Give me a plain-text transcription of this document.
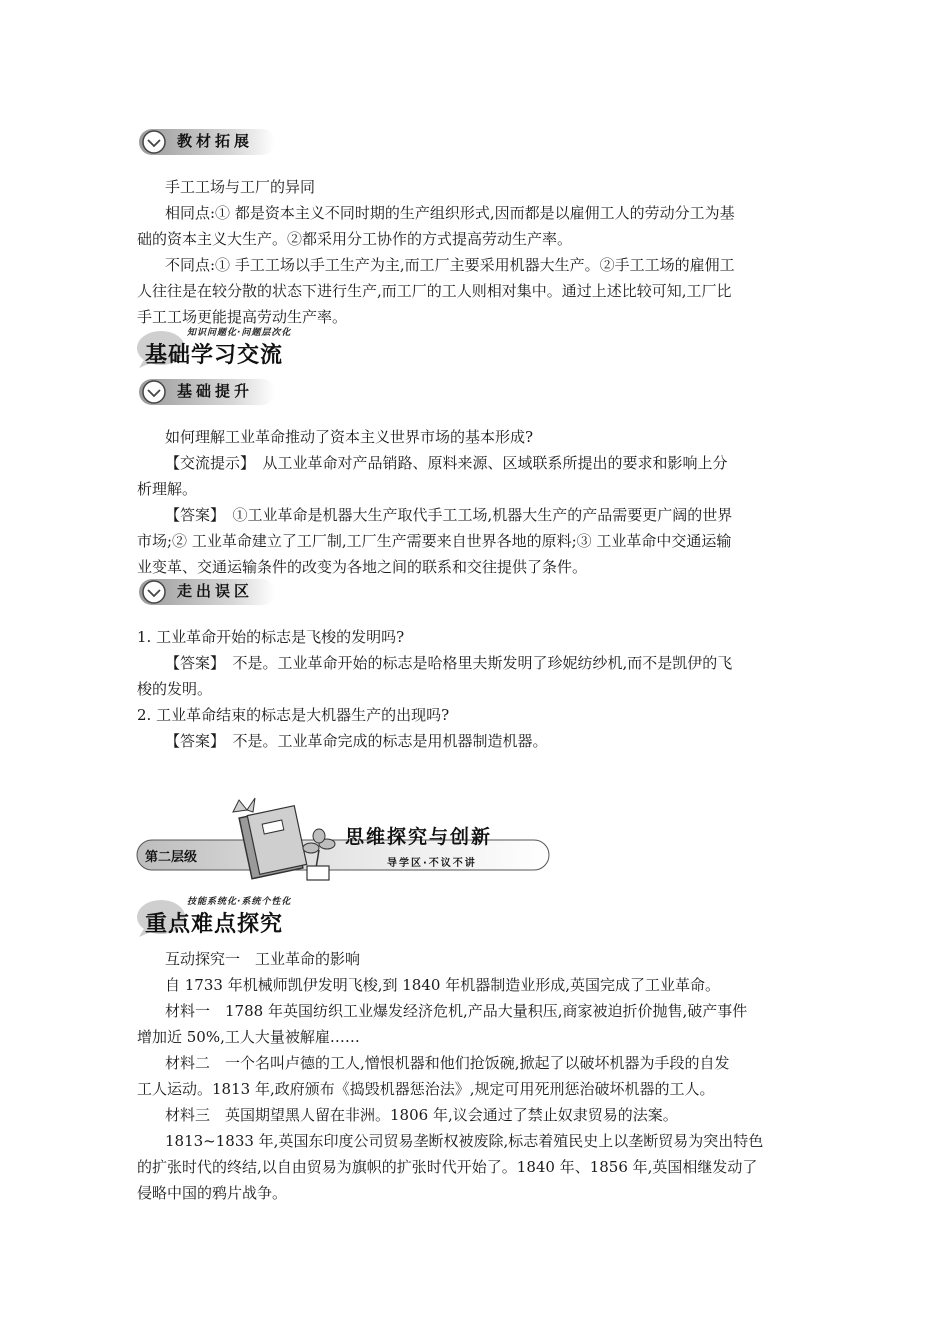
教材拓展
手工工场与工厂的异同
相同点:① 都是资本主义不同时期的生产组织形式,因而都是以雇佣工人的劳动分工为基
础的资本主义大生产。②都采用分工协作的方式提高劳动生产率。
不同点:① 手工工场以手工生产为主,而工厂主要采用机器大生产。②手工工场的雇佣工
人往往是在较分散的状态下进行生产,而工厂的工人则相对集中。通过上述比较可知,工厂比
手工工场更能提高劳动生产率。
知识问题化·问题层次化
基础学习交流
基础提升
如何理解工业革命推动了资本主义世界市场的基本形成?
【交流提示】　从工业革命对产品销路、原料来源、区域联系所提出的要求和影响上分
析理解。
【答案】　①工业革命是机器大生产取代手工工场,机器大生产的产品需要更广阔的世界
市场;② 工业革命建立了工厂制,工厂生产需要来自世界各地的原料;③ 工业革命中交通运输
业变革、交通运输条件的改变为各地之间的联系和交往提供了条件。
走出误区
1. 工业革命开始的标志是飞梭的发明吗?
【答案】　不是。工业革命开始的标志是哈格里夫斯发明了珍妮纺纱机,而不是凯伊的飞
梭的发明。
2. 工业革命结束的标志是大机器生产的出现吗?
【答案】　不是。工业革命完成的标志是用机器制造机器。
第二层级
思维探究与创新
导学区·不议不讲
技能系统化·系统个性化
重点难点探究
互动探究一　工业革命的影响
自 1733 年机械师凯伊发明飞梭,到 1840 年机器制造业形成,英国完成了工业革命。
材料一　1788 年英国纺织工业爆发经济危机,产品大量积压,商家被迫折价抛售,破产事件
增加近 50%,工人大量被解雇……
材料二　一个名叫卢德的工人,憎恨机器和他们抢饭碗,掀起了以破坏机器为手段的自发
工人运动。1813 年,政府颁布《捣毁机器惩治法》,规定可用死刑惩治破坏机器的工人。
材料三　英国期望黑人留在非洲。1806 年,议会通过了禁止奴隶贸易的法案。
1813~1833 年,英国东印度公司贸易垄断权被废除,标志着殖民史上以垄断贸易为突出特色
的扩张时代的终结,以自由贸易为旗帜的扩张时代开始了。1840 年、1856 年,英国相继发动了
侵略中国的鸦片战争。
